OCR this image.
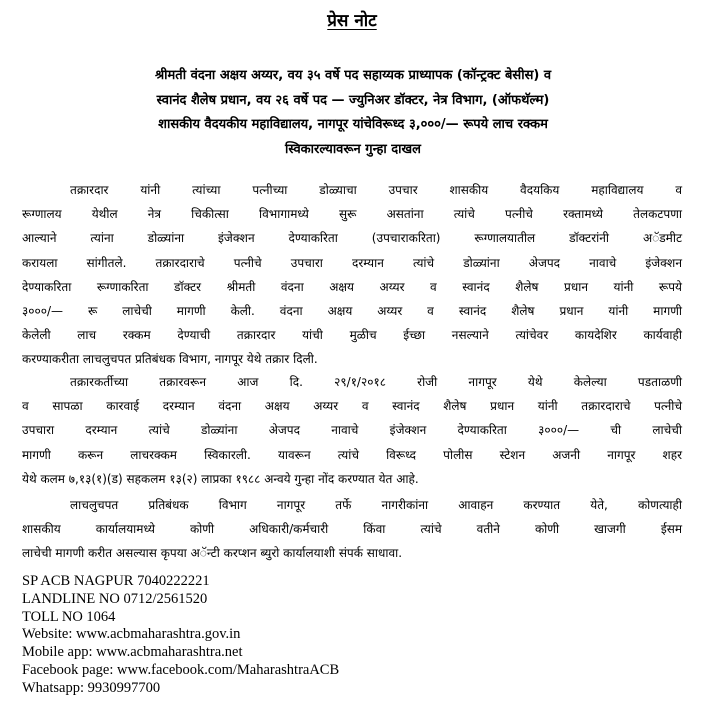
प्रेस नोट
श्रीमती वंदना अक्षय अय्यर, वय ३५ वर्षे पद सहाय्यक प्राध्यापक (कॉन्ट्रक्ट बेसीस) व
स्वानंद शैलेष प्रधान, वय २६ वर्षे पद — ज्युनिअर डॉक्टर, नेत्र विभाग, (ऑफथॅल्म)
शासकीय वैदयकीय महाविद्यालय, नागपूर यांचेविरूध्द ३,०००/— रूपये लाच रक्कम
स्विकारल्यावरून गुन्हा दाखल
तक्रारदार यांनी त्यांच्या पत्नीच्या डोळ्याचा उपचार शासकीय वैदयकिय महाविद्यालय व
रूग्णालय येथील नेत्र चिकीत्सा विभागामध्ये सुरू असतांना त्यांचे पत्नीचे रक्तामध्ये तेलकटपणा
आल्याने त्यांना डोळ्यांना इंजेक्शन देण्याकरिता (उपचाराकरिता) रूग्णालयातील डॉक्टरांनी अॅडमीट
करायला सांगीतले. तक्रारदाराचे पत्नीचे उपचारा दरम्यान त्यांचे डोळ्यांना अेजपद नावाचे इंजेक्शन
देण्याकरिता रूग्णाकरिता डॉक्टर श्रीमती वंदना अक्षय अय्यर व स्वानंद शैलेष प्रधान यांनी रूपये
३०००/— रू लाचेची मागणी केली. वंदना अक्षय अय्यर व स्वानंद शैलेष प्रधान यांनी मागणी
केलेली लाच रक्कम देण्याची तक्रारदार यांची मुळीच ईच्छा नसल्याने त्यांचेवर कायदेशिर कार्यवाही
करण्याकरीता लाचलुचपत प्रतिबंधक विभाग, नागपूर येथे तक्रार दिली.
तक्रारकर्तीच्या तक्रारवरून आज दि. २९/१/२०१८ रोजी नागपूर येथे केलेल्या पडताळणी
व सापळा कारवाई दरम्यान वंदना अक्षय अय्यर व स्वानंद शैलेष प्रधान यांनी तक्रारदाराचे पत्नीचे
उपचारा दरम्यान त्यांचे डोळ्यांना अेजपद नावाचे इंजेक्शन देण्याकरिता ३०००/— ची लाचेची
मागणी करून लाचरक्कम स्विकारली. यावरून त्यांचे विरूध्द पोलीस स्टेशन अजनी नागपूर शहर
येथे कलम ७,१३(१)(ड) सहकलम १३(२) लाप्रका १९८८ अन्वये गुन्हा नोंद करण्यात येत आहे.
लाचलुचपत प्रतिबंधक विभाग नागपूर तर्फे नागरीकांना आवाहन करण्यात येते, कोणत्याही
शासकीय कार्यालयामध्ये कोणी अधिकारी/कर्मचारी किंवा त्यांचे वतीने कोणी खाजगी ईसम
लाचेची मागणी करीत असल्यास कृपया अॅन्टी करप्शन ब्युरो कार्यालयाशी संपर्क साधावा.
SP ACB NAGPUR 7040222221
LANDLINE NO 0712/2561520
TOLL NO 1064
Website: www.acbmaharashtra.gov.in
Mobile app: www.acbmaharashtra.net
Facebook page: www.facebook.com/MaharashtraACB
Whatsapp: 9930997700
